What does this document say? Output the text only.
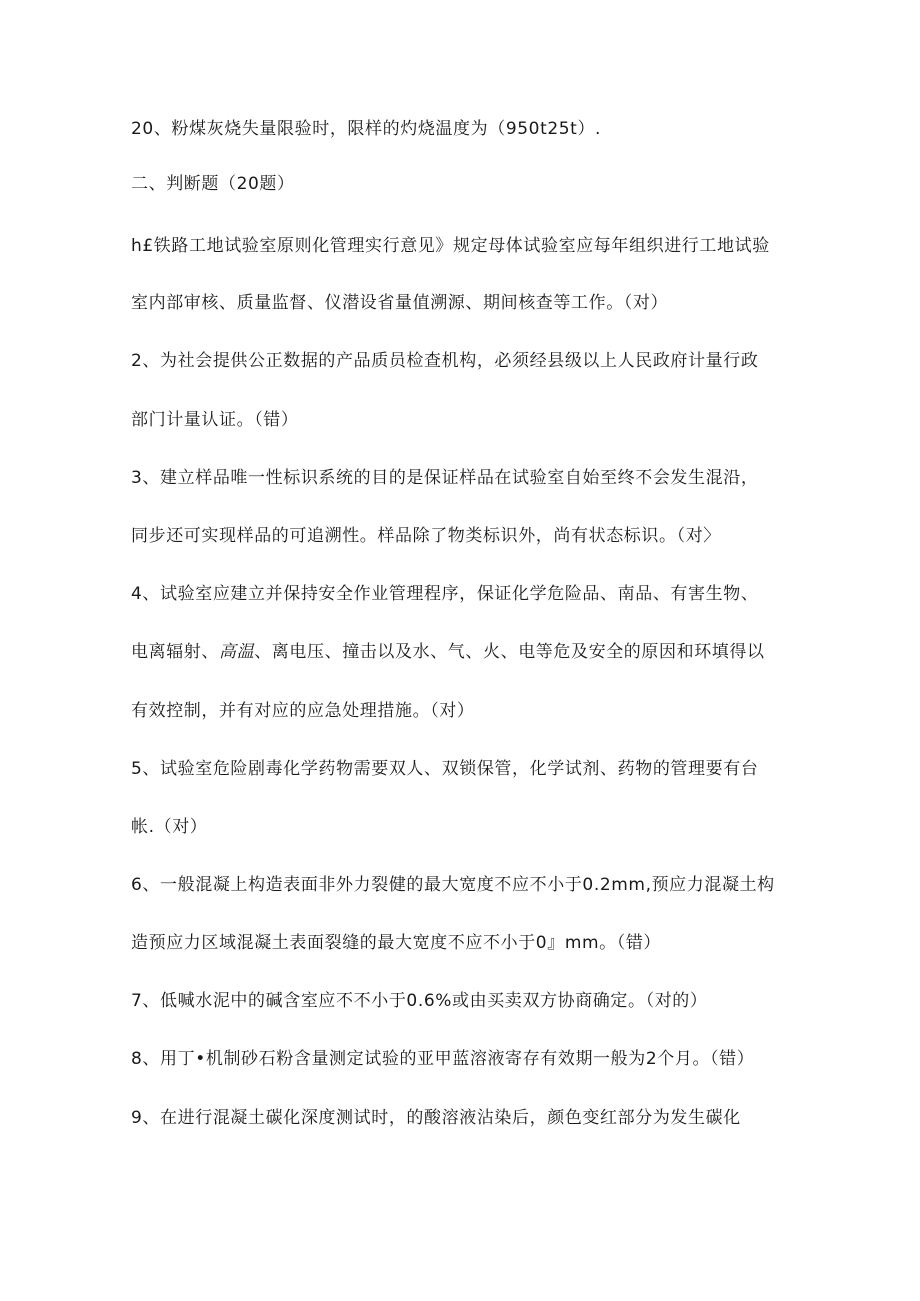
20、粉煤灰烧失量限验时，限样的灼烧温度为（950t25t）.
二、判断题（20题）
h£铁路工地试验室原则化管理实行意见》规定母体试验室应每年组织进行工地试验
室内部审核、质量监督、仪潜设省量值溯源、期间核查等工作。（对）
2、为社会提供公正数据的产品质员检查机构，必须经县级以上人民政府计量行政
部门计量认证。（错）
3、建立样品唯一性标识系统的目的是保证样品在试验室自始至终不会发生混沿，
同步还可实现样品的可追溯性。样品除了物类标识外，尚有状态标识。（对〉
4、试验室应建立并保持安全作业管理程序，保证化学危险品、南品、有害生物、
电离辐射、高温、离电压、撞击以及水、气、火、电等危及安全的原因和环填得以
有效控制，并有对应的应急处理措施。（对）
5、试验室危险剧毒化学药物需要双人、双锁保管，化学试剂、药物的管理要有台
帐.（对）
6、一般混凝上构造表面非外力裂健的最大宽度不应不小于0.2mm,预应力混凝土构
造预应力区域混凝土表面裂缝的最大宽度不应不小于0』mm。（错）
7、低喊水泥中的碱含室应不不小于0.6%或由买卖双方协商确定。（对的）
8、用丁•机制砂石粉含量测定试验的亚甲蓝溶液寄存有效期一般为2个月。（错）
9、在进行混凝土碳化深度测试时，的酸溶液沾染后，颜色变红部分为发生碳化
